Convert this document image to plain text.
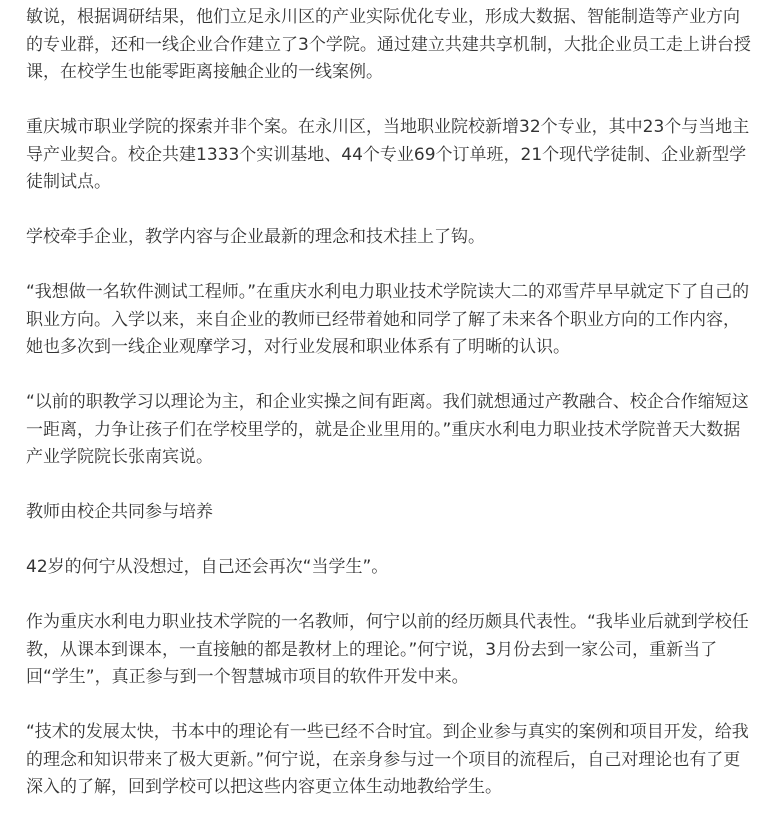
敏说，根据调研结果，他们立足永川区的产业实际优化专业，形成大数据、智能制造等产业方向的专业群，还和一线企业合作建立了3个学院。通过建立共建共享机制，大批企业员工走上讲台授课，在校学生也能零距离接触企业的一线案例。

重庆城市职业学院的探索并非个案。在永川区，当地职业院校新增32个专业，其中23个与当地主导产业契合。校企共建1333个实训基地、44个专业69个订单班，21个现代学徒制、企业新型学徒制试点。

学校牵手企业，教学内容与企业最新的理念和技术挂上了钩。

“我想做一名软件测试工程师。”在重庆水利电力职业技术学院读大二的邓雪芹早早就定下了自己的职业方向。入学以来，来自企业的教师已经带着她和同学了解了未来各个职业方向的工作内容，她也多次到一线企业观摩学习，对行业发展和职业体系有了明晰的认识。

“以前的职教学习以理论为主，和企业实操之间有距离。我们就想通过产教融合、校企合作缩短这一距离，力争让孩子们在学校里学的，就是企业里用的。”重庆水利电力职业技术学院普天大数据产业学院院长张南宾说。

教师由校企共同参与培养

42岁的何宁从没想过，自己还会再次“当学生”。

作为重庆水利电力职业技术学院的一名教师，何宁以前的经历颇具代表性。“我毕业后就到学校任教，从课本到课本，一直接触的都是教材上的理论。”何宁说，3月份去到一家公司，重新当了回“学生”，真正参与到一个智慧城市项目的软件开发中来。

“技术的发展太快，书本中的理论有一些已经不合时宜。到企业参与真实的案例和项目开发，给我的理念和知识带来了极大更新。”何宁说，在亲身参与过一个项目的流程后，自己对理论也有了更深入的了解，回到学校可以把这些内容更立体生动地教给学生。
